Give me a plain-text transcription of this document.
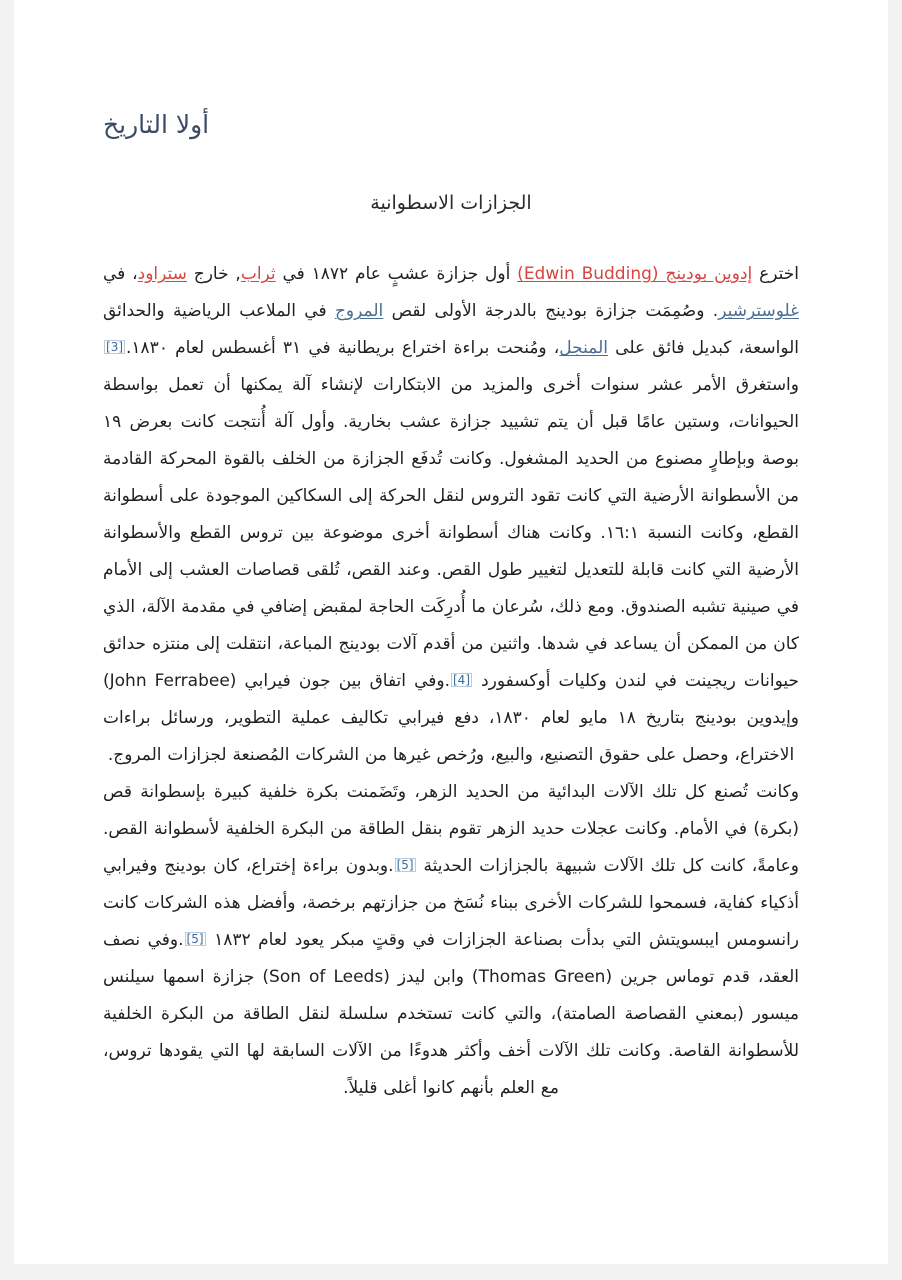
أولا التاريخ
الجزازات الاسطوانية

اخترع إدوين بودينج (Edwin Budding) أول جزازة عشبٍ عام ١٨٧٢ في ثراب, خارج ستراود، في غلوسترشير. وصُمِمَت جزازة بودينج بالدرجة الأولى لقص المروج في الملاعب الرياضية والحدائق الواسعة، كبديل فائق على المنجل، ومُنحت براءة اختراع بريطانية في ٣١ أغسطس لعام ١٨٣٠.[3]واستغرق الأمر عشر سنوات أخرى والمزيد من الابتكارات لإنشاء آلة يمكنها أن تعمل بواسطة الحيوانات، وستين عامًا قبل أن يتم تشييد جزازة عشب بخارية. وأول آلة أُنتجت كانت بعرض ١٩ بوصة وبإطارٍ مصنوع من الحديد المشغول. وكانت تُدفَع الجزازة من الخلف بالقوة المحركة القادمة من الأسطوانة الأرضية التي كانت تقود التروس لنقل الحركة إلى السكاكين الموجودة على أسطوانة القطع، وكانت النسبة ١٦:١. وكانت هناك أسطوانة أخرى موضوعة بين تروس القطع والأسطوانة الأرضية التي كانت قابلة للتعديل لتغيير طول القص. وعند القص، تُلقى قصاصات العشب إلى الأمام في صينية تشبه الصندوق. ومع ذلك، سُرعان ما أُدرِكَت الحاجة لمقبض إضافي في مقدمة الآلة، الذي كان من الممكن أن يساعد في شدها. واثنين من أقدم آلات بودينج المباعة، انتقلت إلى منتزه حدائق حيوانات ريجينت في لندن وكليات أوكسفورد [4].وفي اتفاق بين جون فيرابي (John Ferrabee) وإيدوين بودينج بتاريخ ١٨ مايو لعام ١٨٣٠، دفع فيرابي تكاليف عملية التطوير، ورسائل براءات الاختراع، وحصل على حقوق التصنيع، والبيع، ورُخص غيرها من الشركات المُصنعة لجزازات المروج.

وكانت تُصنع كل تلك الآلات البدائية من الحديد الزهر، وتَضَمنت بكرة خلفية كبيرة بإسطوانة قص (بكرة) في الأمام. وكانت عجلات حديد الزهر تقوم بنقل الطاقة من البكرة الخلفية لأسطوانة القص. وعامةً، كانت كل تلك الآلات شبيهة بالجزازات الحديثة [5].وبدون براءة إختراع، كان بودينج وفيرابي أذكياء كفاية، فسمحوا للشركات الأخرى ببناء نُسَخ من جزازتهم برخصة، وأفضل هذه الشركات كانت رانسومس ايبسويتش التي بدأت بصناعة الجزازات في وقتٍ مبكر يعود لعام ١٨٣٢ [5].وفي نصف العقد، قدم توماس جرين (Thomas Green) وابن ليدز (Son of Leeds) جزازة اسمها سيلنس ميسور (بمعني القصاصة الصامتة)، والتي كانت تستخدم سلسلة لنقل الطاقة من البكرة الخلفية للأسطوانة القاصة. وكانت تلك الآلات أخف وأكثر هدوءًا من الآلات السابقة لها التي يقودها تروس، مع العلم بأنهم كانوا أغلى قليلاً.
